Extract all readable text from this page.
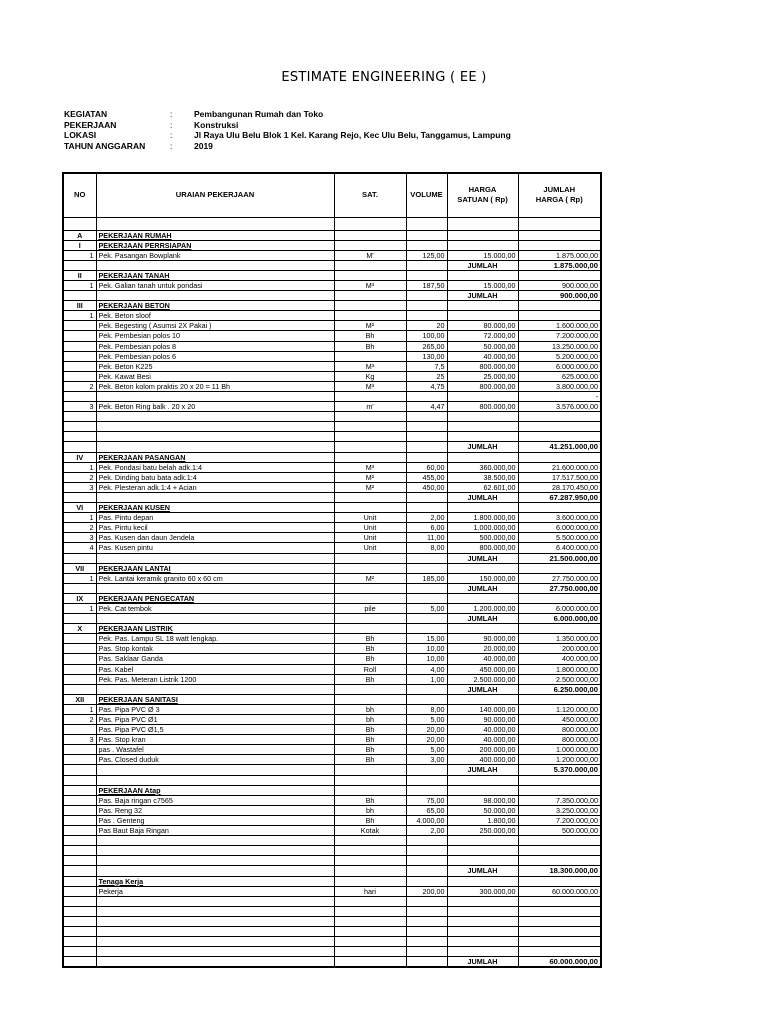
ESTIMATE ENGINEERING ( EE )
KEGIATAN	:	Pembangunan Rumah dan Toko
PEKERJAAN	:	Konstruksi
LOKASI	:	Jl Raya Ulu Belu Blok 1 Kel. Karang Rejo, Kec Ulu Belu, Tanggamus, Lampung
TAHUN ANGGARAN	:	2019
NO	URAIAN PEKERJAAN	SAT.	VOLUME	HARGA SATUAN ( Rp)	JUMLAH HARGA ( Rp)

A	PEKERJAAN RUMAH				
I	PEKERJAAN PERRSIAPAN				
1	Pek. Pasangan Bowplank	M'	125,00	15.000,00	1.875.000,00
				JUMLAH	1.875.000,00
II	PEKERJAAN TANAH				
1	Pek. Galian tanah untuk pondasi	M³	187,50	15.000,00	900.000,00
				JUMLAH	900.000,00
III	PEKERJAAN BETON				
1	Pek. Beton sloof				
	Pek. Begesting ( Asumsi 2X Pakai )	M²	20	80.000,00	1.600.000,00
	Pek. Pembesian polos 10	Bh	100,00	72.000,00	7.200.000,00
	Pek. Pembesian polos 8	Bh	265,00	50.000,00	13.250.000,00
	Pek. Pembesian polos 6		130,00	40.000,00	5.200.000,00
	Pek. Beton K225	M³	7,5	800.000,00	6.000.000,00
	Pek. Kawat Besi	Kg	25	25.000,00	625.000,00
2	Pek. Beton kolom praktis 20 x 20 = 11 Bh	M³	4,75	800.000,00	3.800.000,00
					-
3	Pek. Beton Ring balk . 20 x 20	m'	4,47	800.000,00	3.576.000,00

				JUMLAH	41.251.000,00
IV	PEKERJAAN PASANGAN				
1	Pek. Pondasi batu belah adk.1:4	M³	60,00	360.000,00	21.600.000,00
2	Pek. Dinding batu bata adk.1:4	M²	455,00	38.500,00	17.517.500,00
3	Pek. Plesteran adk.1:4 + Acian	M²	450,00	62.601,00	28.170.450,00
				JUMLAH	67.287.950,00
VI	PEKERJAAN KUSEN				
1	Pas. Pintu depan	Unit	2,00	1.800.000,00	3.600.000,00
2	Pas. Pintu kecil	Unit	6,00	1.000.000,00	6.000.000,00
3	Pas. Kusen dan daun Jendela	Unit	11,00	500.000,00	5.500.000,00
4	Pas. Kusen pintu	Unit	8,00	800.000,00	6.400.000,00
				JUMLAH	21.500.000,00
VII	PEKERJAAN LANTAI				
1	Pek. Lantai keramik granito 60 x 60 cm	M²	185,00	150.000,00	27.750.000,00
				JUMLAH	27.750.000,00
IX	PEKERJAAN PENGECATAN				
1	Pek. Cat tembok	pile	5,00	1.200.000,00	6.000.000,00
				JUMLAH	6.000.000,00
X	PEKERJAAN LISTRIK				
	Pek. Pas. Lampu SL 18 watt lengkap.	Bh	15,00	90.000,00	1.350.000,00
	Pas. Stop kontak	Bh	10,00	20.000,00	200.000,00
	Pas. Saklaar Ganda	Bh	10,00	40.000,00	400.000,00
	Pas. Kabel	Roll	4,00	450.000,00	1.800.000,00
	Pek. Pas. Meteran Listrik 1200	Bh	1,00	2.500.000,00	2.500.000,00
				JUMLAH	6.250.000,00
XII	PEKERJAAN SANITASI				
1	Pas. Pipa PVC Ø 3	bh	8,00	140.000,00	1.120.000,00
2	Pas. Pipa PVC Ø1	bh	5,00	90.000,00	450.000,00
	Pas. Pipa PVC Ø1,5	Bh	20,00	40.000,00	800.000,00
3	Pas. Stop kran	Bh	20,00	40.000,00	800.000,00
	pas . Wastafel	Bh	5,00	200.000,00	1.000.000,00
	Pas. Closed duduk	Bh	3,00	400.000,00	1.200.000,00
				JUMLAH	5.370.000,00

	PEKERJAAN Atap				
	Pas. Baja ringan c7565	Bh	75,00	98.000,00	7.350.000,00
	Pas. Reng 32	bh	65,00	50.000,00	3.250.000,00
	Pas . Genteng	Bh	4.000,00	1.800,00	7.200.000,00
	Pas Baut Baja Ringan	Kotak	2,00	250.000,00	500.000,00

				JUMLAH	18.300.000,00
	Tenaga Kerja				
	Pekerja	hari	200,00	300.000,00	60.000.000,00

				JUMLAH	60.000.000,00
